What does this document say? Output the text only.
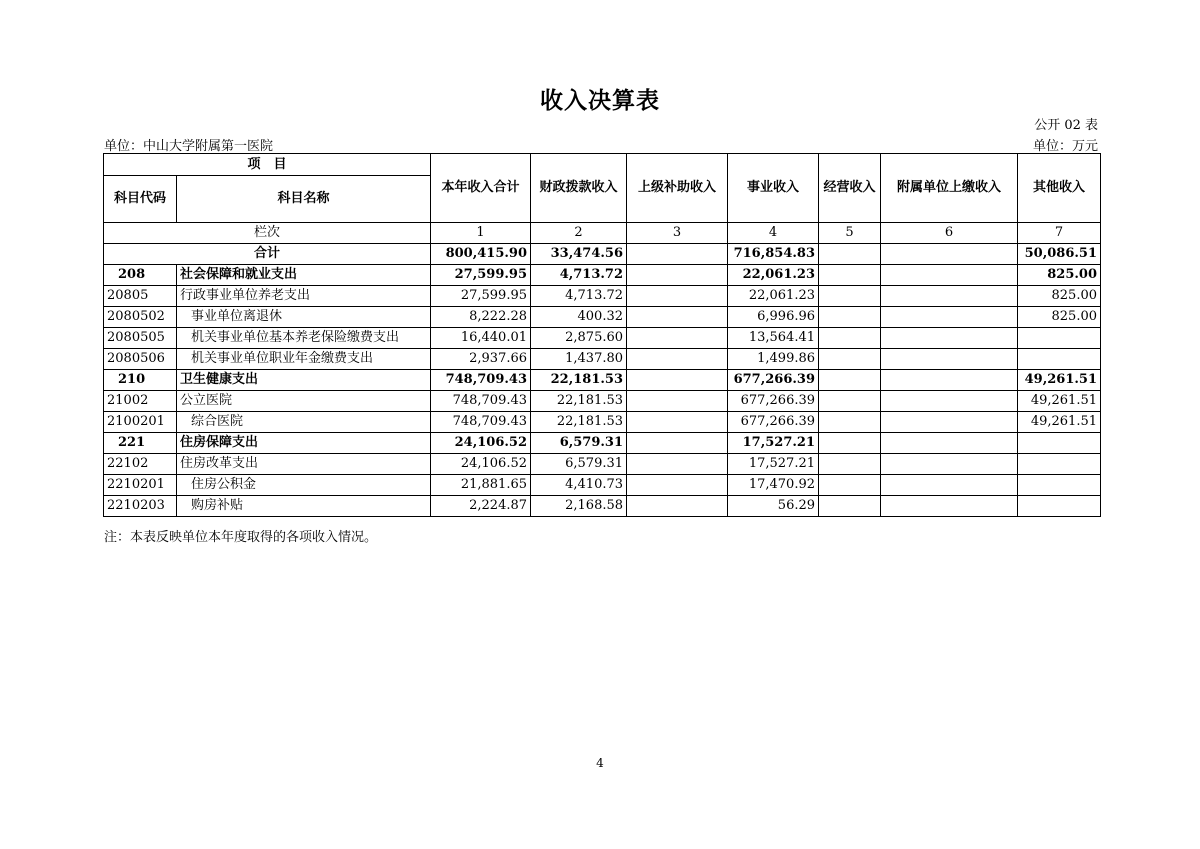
收入决算表
公开 02 表
单位：中山大学附属第一医院	单位：万元
项　目		本年收入合计	财政拨款收入	上级补助收入	事业收入	经营收入	附属单位上缴收入	其他收入
科目代码	科目名称							
栏次		1	2	3	4	5	6	7
合计		800,415.90	33,474.56		716,854.83			50,086.51
208	社会保障和就业支出	27,599.95	4,713.72		22,061.23			825.00
20805	行政事业单位养老支出	27,599.95	4,713.72		22,061.23			825.00
2080502	事业单位离退休	8,222.28	400.32		6,996.96			825.00
2080505	机关事业单位基本养老保险缴费支出	16,440.01	2,875.60		13,564.41			
2080506	机关事业单位职业年金缴费支出	2,937.66	1,437.80		1,499.86			
210	卫生健康支出	748,709.43	22,181.53		677,266.39			49,261.51
21002	公立医院	748,709.43	22,181.53		677,266.39			49,261.51
2100201	综合医院	748,709.43	22,181.53		677,266.39			49,261.51
221	住房保障支出	24,106.52	6,579.31		17,527.21			
22102	住房改革支出	24,106.52	6,579.31		17,527.21			
2210201	住房公积金	21,881.65	4,410.73		17,470.92			
2210203	购房补贴	2,224.87	2,168.58		56.29			
注：本表反映单位本年度取得的各项收入情况。
4
